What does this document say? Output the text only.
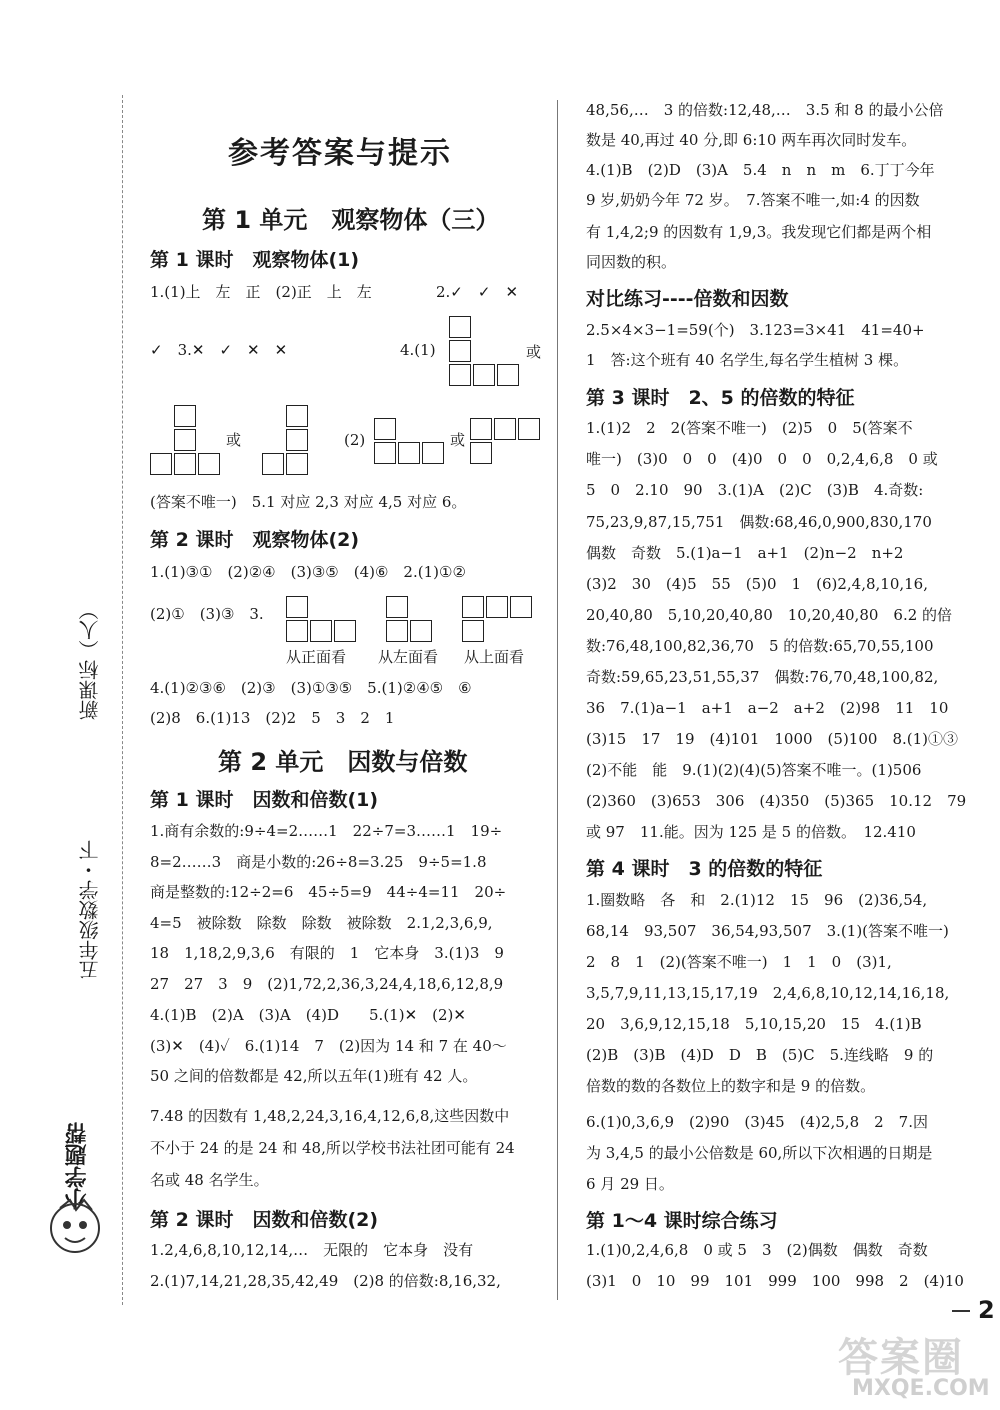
小学题帮
五年级数学・下
新课标（人）
参考答案与提示
第 1 单元　观察物体（三）
第 1 课时　观察物体(1)
1.(1)上　左　正　(2)正　上　左	2.✓　✓　✕
✓　3.✕　✓　✕　✕	4.(1)	或
或	(2)	或
(答案不唯一)　5.1 对应 2,3 对应 4,5 对应 6。
第 2 课时　观察物体(2)
1.(1)③①　(2)②④　(3)③⑤　(4)⑥　2.(1)①②
(2)①　(3)③　3.
从正面看 从左面看 从上面看
4.(1)②③⑥　(2)③　(3)①③⑤　5.(1)②④⑤　⑥
(2)8　6.(1)13　(2)2　5　3　2　1
第 2 单元　因数与倍数
第 1 课时　因数和倍数(1)
1.商有余数的:9÷4=2……1　22÷7=3……1　19÷
8=2……3　商是小数的:26÷8=3.25　9÷5=1.8
商是整数的:12÷2=6　45÷5=9　44÷4=11　20÷
4=5　被除数　除数　除数　被除数　2.1,2,3,6,9,
18　1,18,2,9,3,6　有限的　1　它本身　3.(1)3　9
27　27　3　9　(2)1,72,2,36,3,24,4,18,6,12,8,9
4.(1)B　(2)A　(3)A　(4)D　　5.(1)✕　(2)✕
(3)✕　(4)✓　6.(1)14　7　(2)因为 14 和 7 在 40～
50 之间的倍数都是 42,所以五年(1)班有 42 人。
7.48 的因数有 1,48,2,24,3,16,4,12,6,8,这些因数中
不小于 24 的是 24 和 48,所以学校书法社团可能有 24
名或 48 名学生。
第 2 课时　因数和倍数(2)
1.2,4,6,8,10,12,14,…　无限的　它本身　没有
2.(1)7,14,21,28,35,42,49　(2)8 的倍数:8,16,32,
48,56,…　3 的倍数:12,48,…　3.5 和 8 的最小公倍
数是 40,再过 40 分,即 6:10 两车再次同时发车。
4.(1)B　(2)D　(3)A　5.4　n　n　m　6.丁丁今年
9 岁,奶奶今年 72 岁。　7.答案不唯一,如:4 的因数
有 1,4,2;9 的因数有 1,9,3。我发现它们都是两个相
同因数的积。
对比练习----倍数和因数
2.5×4×3−1=59(个)　3.123=3×41　41=40+
1　答:这个班有 40 名学生,每名学生植树 3 棵。
第 3 课时　2、5 的倍数的特征
1.(1)2　2　2(答案不唯一)　(2)5　0　5(答案不
唯一)　(3)0　0　0　(4)0　0　0　0,2,4,6,8　0 或
5　0　2.10　90　3.(1)A　(2)C　(3)B　4.奇数:
75,23,9,87,15,751　偶数:68,46,0,900,830,170
偶数　奇数　5.(1)a−1　a+1　(2)n−2　n+2
(3)2　30　(4)5　55　(5)0　1　(6)2,4,8,10,16,
20,40,80　5,10,20,40,80　10,20,40,80　6.2 的倍
数:76,48,100,82,36,70　5 的倍数:65,70,55,100
奇数:59,65,23,51,55,37　偶数:76,70,48,100,82,
36　7.(1)a−1　a+1　a−2　a+2　(2)98　11　10
(3)15　17　19　(4)101　1000　(5)100　8.(1)①③
(2)不能　能　9.(1)(2)(4)(5)答案不唯一。(1)506
(2)360　(3)653　306　(4)350　(5)365　10.12　79
或 97　11.能。因为 125 是 5 的倍数。　12.410
第 4 课时　3 的倍数的特征
1.圈数略　各　和　2.(1)12　15　96　(2)36,54,
68,14　93,507　36,54,93,507　3.(1)(答案不唯一)
2　8　1　(2)(答案不唯一)　1　1　0　(3)1,
3,5,7,9,11,13,15,17,19　2,4,6,8,10,12,14,16,18,
20　3,6,9,12,15,18　5,10,15,20　15　4.(1)B
(2)B　(3)B　(4)D　D　B　(5)C　5.连线略　9 的
倍数的数的各数位上的数字和是 9 的倍数。
6.(1)0,3,6,9　(2)90　(3)45　(4)2,5,8　2　7.因
为 3,4,5 的最小公倍数是 60,所以下次相遇的日期是
6 月 29 日。
第 1～4 课时综合练习
1.(1)0,2,4,6,8　0 或 5　3　(2)偶数　偶数　奇数
(3)1　0　10　99　101　999　100　998　2　(4)10
2
答案圈
MXQE.COM
